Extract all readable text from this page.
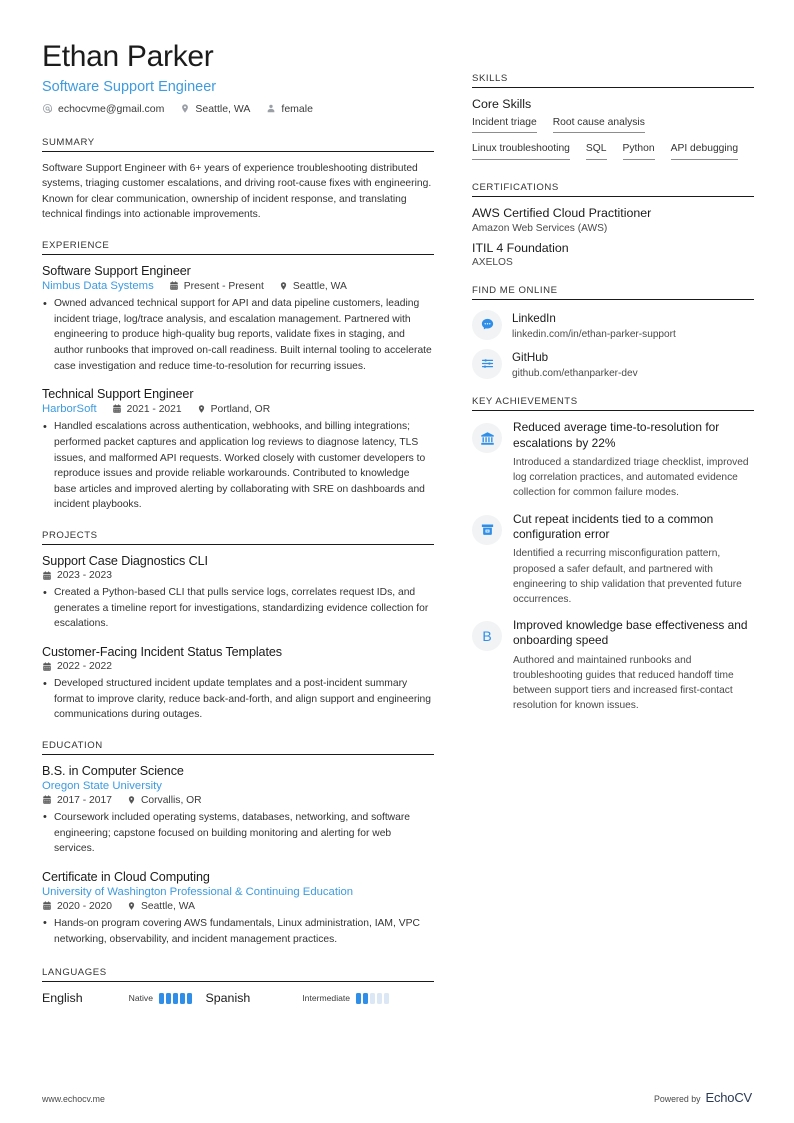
Ethan Parker
Software Support Engineer
echocvme@gmail.com	Seattle, WA	female
SUMMARY
Software Support Engineer with 6+ years of experience troubleshooting distributed systems, triaging customer escalations, and driving root-cause fixes with engineering. Known for clear communication, ownership of incident response, and translating technical findings into actionable improvements.
EXPERIENCE
Software Support Engineer
Nimbus Data Systems	Present - Present	Seattle, WA
• Owned advanced technical support for API and data pipeline customers, leading incident triage, log/trace analysis, and escalation management. Partnered with engineering to produce high-quality bug reports, validate fixes in staging, and author runbooks that improved on-call readiness. Built internal tooling to accelerate case investigation and reduce time-to-resolution for recurring issues.
Technical Support Engineer
HarborSoft	2021 - 2021	Portland, OR
• Handled escalations across authentication, webhooks, and billing integrations; performed packet captures and application log reviews to diagnose latency, TLS issues, and malformed API requests. Worked closely with customer developers to reproduce issues and provide reliable workarounds. Contributed to knowledge base articles and improved alerting by collaborating with SRE on dashboards and incident playbooks.
PROJECTS
Support Case Diagnostics CLI
2023 - 2023
• Created a Python-based CLI that pulls service logs, correlates request IDs, and generates a timeline report for investigations, standardizing evidence collection for escalations.
Customer-Facing Incident Status Templates
2022 - 2022
• Developed structured incident update templates and a post-incident summary format to improve clarity, reduce back-and-forth, and align support and engineering communications during outages.
EDUCATION
B.S. in Computer Science
Oregon State University
2017 - 2017	Corvallis, OR
• Coursework included operating systems, databases, networking, and software engineering; capstone focused on building monitoring and alerting for web services.
Certificate in Cloud Computing
University of Washington Professional & Continuing Education
2020 - 2020	Seattle, WA
• Hands-on program covering AWS fundamentals, Linux administration, IAM, VPC networking, observability, and incident management practices.
LANGUAGES
English	Native	Spanish	Intermediate
SKILLS
Core Skills
Incident triage Root cause analysis
Linux troubleshooting SQL Python API debugging
CERTIFICATIONS
AWS Certified Cloud Practitioner
Amazon Web Services (AWS)
ITIL 4 Foundation
AXELOS
FIND ME ONLINE
LinkedIn
linkedin.com/in/ethan-parker-support
GitHub
github.com/ethanparker-dev
KEY ACHIEVEMENTS
Reduced average time-to-resolution for escalations by 22%
Introduced a standardized triage checklist, improved log correlation practices, and automated evidence collection for common failure modes.
Cut repeat incidents tied to a common configuration error
Identified a recurring misconfiguration pattern, proposed a safer default, and partnered with engineering to ship validation that prevented future occurrences.
B
Improved knowledge base effectiveness and onboarding speed
Authored and maintained runbooks and troubleshooting guides that reduced handoff time between support tiers and increased first-contact resolution for known issues.
www.echocv.me	Powered by EchoCV
